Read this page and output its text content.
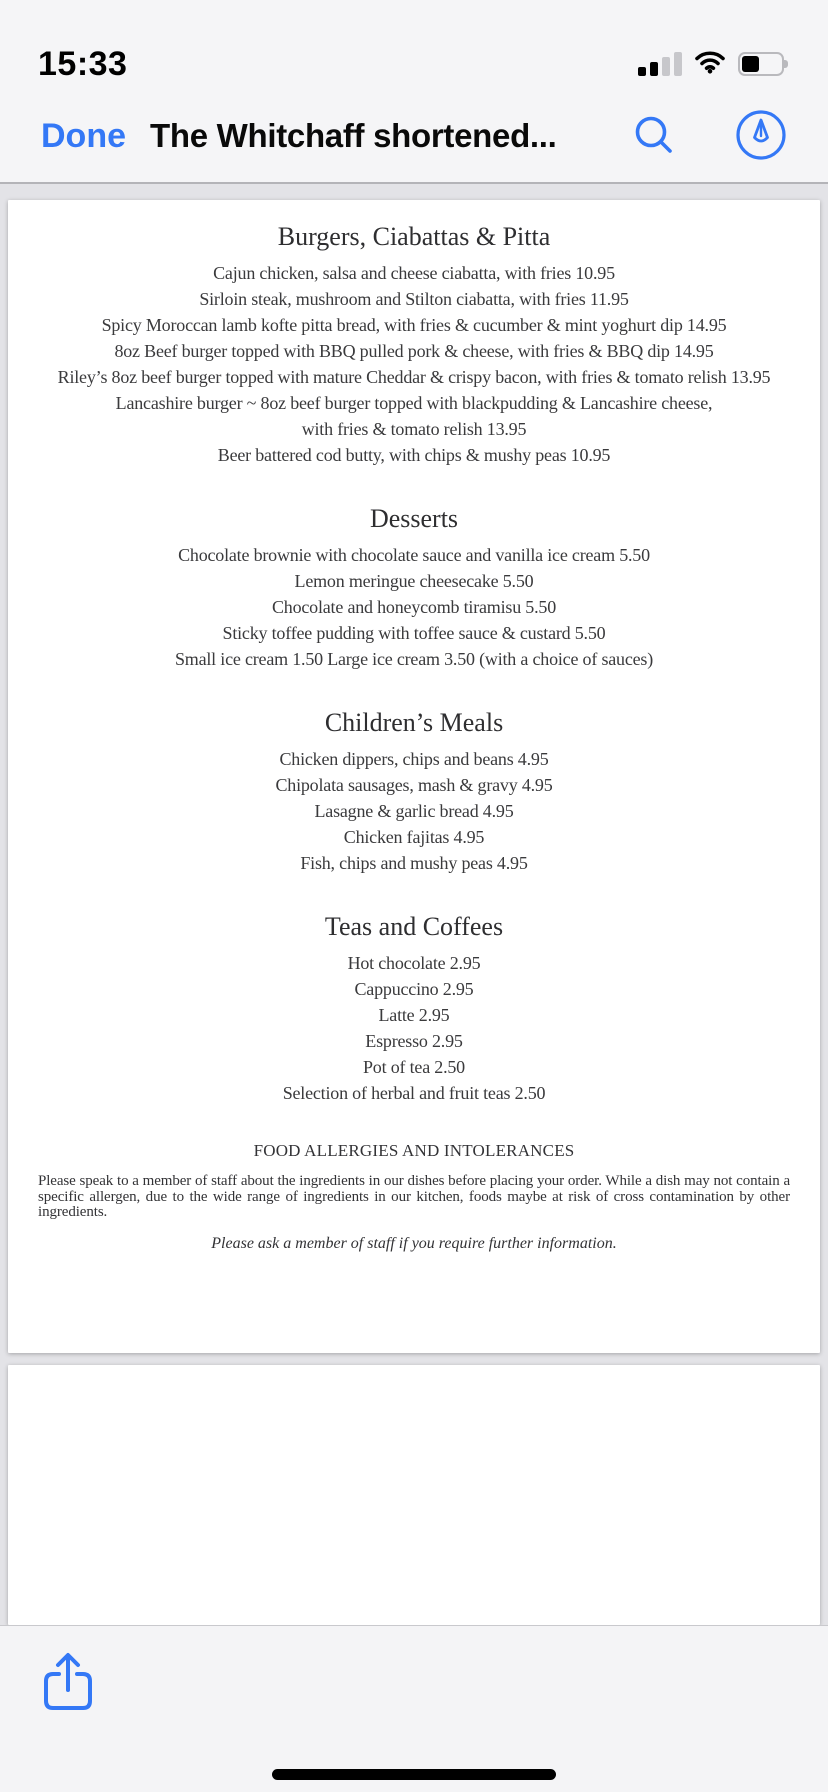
15:33
Done The Whitchaff shortened...
Burgers, Ciabattas & Pitta

Cajun chicken, salsa and cheese ciabatta, with fries 10.95

Sirloin steak, mushroom and Stilton ciabatta, with fries 11.95

Spicy Moroccan lamb kofte pitta bread, with fries & cucumber & mint yoghurt dip 14.95

8oz Beef burger topped with BBQ pulled pork & cheese, with fries & BBQ dip 14.95

Riley’s 8oz beef burger topped with mature Cheddar & crispy bacon, with fries & tomato relish 13.95

Lancashire burger ~ 8oz beef burger topped with blackpudding & Lancashire cheese,

with fries & tomato relish 13.95

Beer battered cod butty, with chips & mushy peas 10.95

Desserts

Chocolate brownie with chocolate sauce and vanilla ice cream 5.50

Lemon meringue cheesecake 5.50

Chocolate and honeycomb tiramisu 5.50

Sticky toffee pudding with toffee sauce & custard 5.50

Small ice cream 1.50 Large ice cream 3.50 (with a choice of sauces)

Children’s Meals

Chicken dippers, chips and beans 4.95

Chipolata sausages, mash & gravy 4.95

Lasagne & garlic bread 4.95

Chicken fajitas 4.95

Fish, chips and mushy peas 4.95

Teas and Coffees

Hot chocolate 2.95

Cappuccino 2.95

Latte 2.95

Espresso 2.95

Pot of tea 2.50

Selection of herbal and fruit teas 2.50

FOOD ALLERGIES AND INTOLERANCES

Please speak to a member of staff about the ingredients in our dishes before placing your order. While a dish may not contain a specific allergen, due to the wide range of ingredients in our kitchen, foods maybe at risk of cross contamination by other ingredients.

Please ask a member of staff if you require further information.
